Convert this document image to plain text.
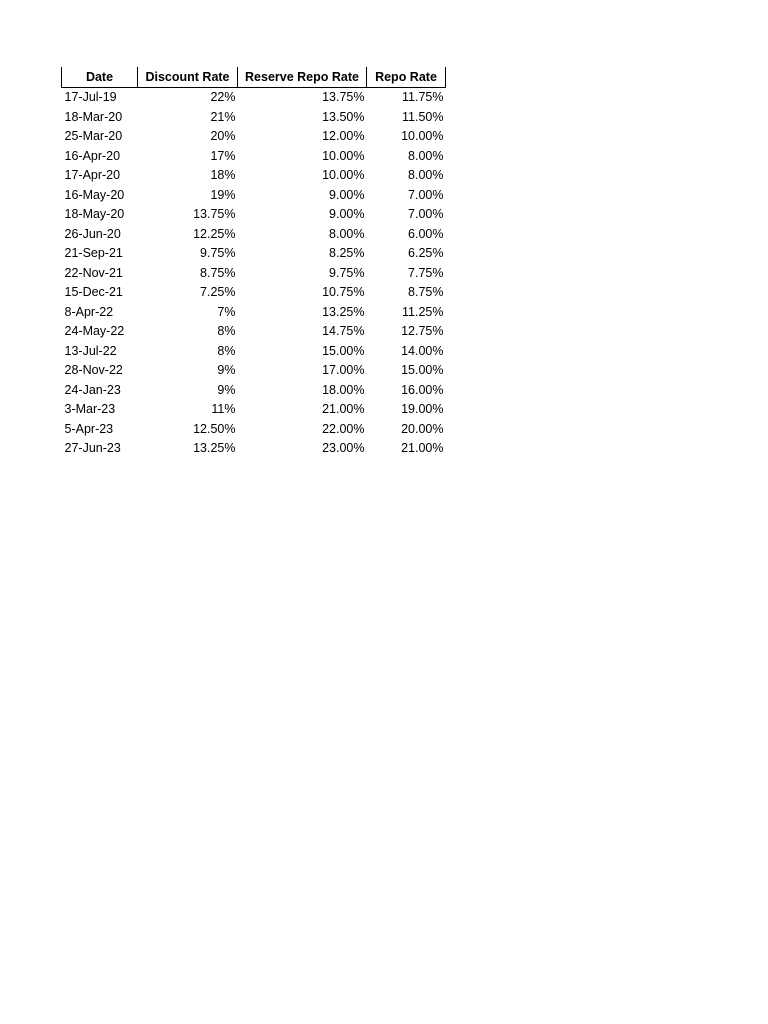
Date	Discount Rate	Reserve Repo Rate	Repo Rate
17-Jul-19	22%	13.75%	11.75%
18-Mar-20	21%	13.50%	11.50%
25-Mar-20	20%	12.00%	10.00%
16-Apr-20	17%	10.00%	8.00%
17-Apr-20	18%	10.00%	8.00%
16-May-20	19%	9.00%	7.00%
18-May-20	13.75%	9.00%	7.00%
26-Jun-20	12.25%	8.00%	6.00%
21-Sep-21	9.75%	8.25%	6.25%
22-Nov-21	8.75%	9.75%	7.75%
15-Dec-21	7.25%	10.75%	8.75%
8-Apr-22	7%	13.25%	11.25%
24-May-22	8%	14.75%	12.75%
13-Jul-22	8%	15.00%	14.00%
28-Nov-22	9%	17.00%	15.00%
24-Jan-23	9%	18.00%	16.00%
3-Mar-23	11%	21.00%	19.00%
5-Apr-23	12.50%	22.00%	20.00%
27-Jun-23	13.25%	23.00%	21.00%
